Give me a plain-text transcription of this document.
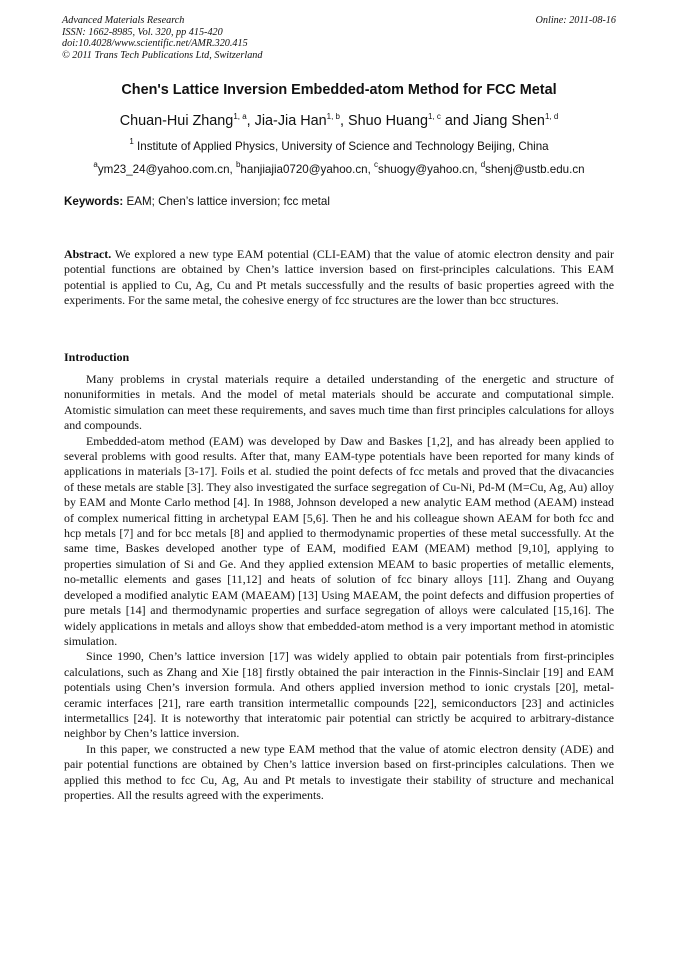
Advanced Materials Research
ISSN: 1662-8985, Vol. 320, pp 415-420
doi:10.4028/www.scientific.net/AMR.320.415
© 2011 Trans Tech Publications Ltd, Switzerland
Online: 2011-08-16
Chen's Lattice Inversion Embedded-atom Method for FCC Metal
Chuan-Hui Zhang$^{1, a}$, Jia-Jia Han$^{1, b}$, Shuo Huang$^{1, c}$ and Jiang Shen$^{1, d}$
$^1$ Institute of Applied Physics, University of Science and Technology Beijing, China
$^a$ym23_24@yahoo.com.cn, $^b$hanjiajia0720@yahoo.cn, $^c$shuogy@yahoo.cn, $^d$shenj@ustb.edu.cn
Keywords: EAM; Chen’s lattice inversion; fcc metal
Abstract. We explored a new type EAM potential (CLI-EAM) that the value of atomic electron density and pair potential functions are obtained by Chen’s lattice inversion based on first-principles calculations. This EAM potential is applied to Cu, Ag, Cu and Pt metals successfully and the results of basic properties agreed with the experiments. For the same metal, the cohesive energy of fcc structures are the lower than bcc structures.
Introduction

Many problems in crystal materials require a detailed understanding of the energetic and structure of nonuniformities in metals. And the model of metal materials should be accurate and computational simple. Atomistic simulation can meet these requirements, and saves much time than first principles calculations for alloys and compounds.

Embedded-atom method (EAM) was developed by Daw and Baskes [1,2], and has already been applied to several problems with good results. After that, many EAM-type potentials have been reported for many kinds of applications in materials [3-17]. Foils et al. studied the point defects of fcc metals and proved that the divacancies of these metals are stable [3]. They also investigated the surface segregation of Cu-Ni, Pd-M (M=Cu, Ag, Au) alloy by EAM and Monte Carlo method [4]. In 1988, Johnson developed a new analytic EAM method (AEAM) instead of complex numerical fitting in archetypal EAM [5,6]. Then he and his colleague shown AEAM for both fcc and hcp metals [7] and for bcc metals [8] and applied to thermodynamic properties of these metal successfully. At the same time, Baskes developed another type of EAM, modified EAM (MEAM) method [9,10], applying to properties simulation of Si and Ge. And they applied extension MEAM to basic properties of metallic elements, no-metallic elements and gases [11,12] and heats of solution of fcc binary alloys [11]. Zhang and Ouyang developed a modified analytic EAM (MAEAM) [13] Using MAEAM, the point defects and diffusion properties of pure metals [14] and thermodynamic properties and surface segregation of alloys were calculated [15,16]. The widely applications in metals and alloys show that embedded-atom method is a very important method in atomistic simulation.

Since 1990, Chen’s lattice inversion [17] was widely applied to obtain pair potentials from first-principles calculations, such as Zhang and Xie [18] firstly obtained the pair interaction in the Finnis-Sinclair [19] and EAM potentials using Chen’s inversion formula. And others applied inversion method to ionic crystals [20], metal-ceramic interfaces [21], rare earth transition intermetallic compounds [22], semiconductors [23] and actinicles intermetallics [24]. It is noteworthy that interatomic pair potential can strictly be acquired to arbitrary-distance neighbor by Chen’s lattice inversion.

In this paper, we constructed a new type EAM method that the value of atomic electron density (ADE) and pair potential functions are obtained by Chen’s lattice inversion based on first-principles calculations. Then we applied this method to fcc Cu, Ag, Au and Pt metals to investigate their stability of structure and mechanical properties. All the results agreed with the experiments.
